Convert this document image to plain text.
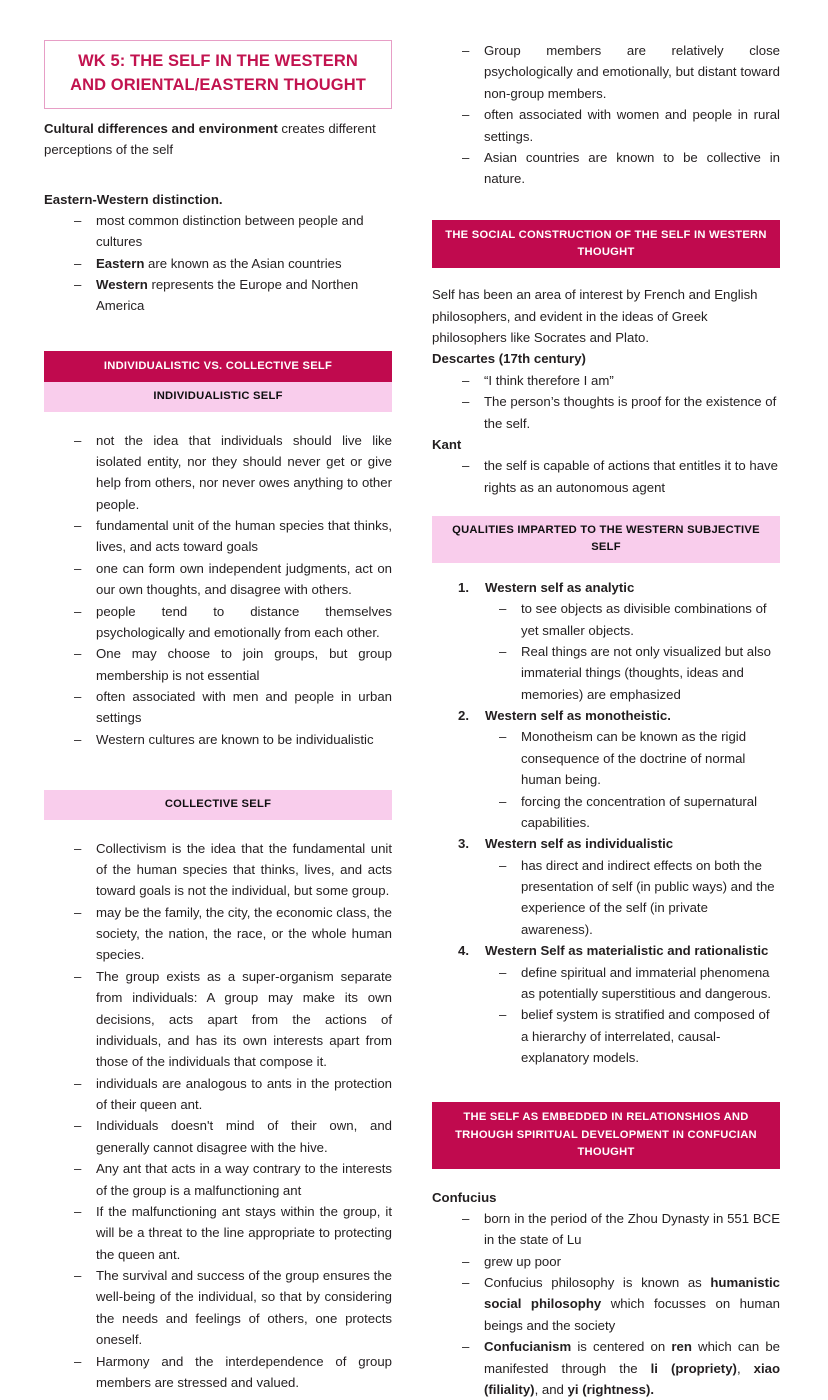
WK 5: THE SELF IN THE WESTERN
AND ORIENTAL/EASTERN THOUGHT

Cultural differences and environment creates different perceptions of the self

Eastern-Western distinction.

– most common distinction between people and cultures
– Eastern are known as the Asian countries
– Western represents the Europe and Northen America
INDIVIDUALISTIC VS. COLLECTIVE SELF
INDIVIDUALISTIC SELF
– not the idea that individuals should live like isolated entity, nor they should never get or give help from others, nor never owes anything to other people.
– fundamental unit of the human species that thinks, lives, and acts toward goals
– one can form own independent judgments, act on our own thoughts, and disagree with others.
– people tend to distance themselves psychologically and emotionally from each other.
– One may choose to join groups, but group membership is not essential
– often associated with men and people in urban settings
– Western cultures are known to be individualistic
COLLECTIVE SELF
– Collectivism is the idea that the fundamental unit of the human species that thinks, lives, and acts toward goals is not the individual, but some group.
– may be the family, the city, the economic class, the society, the nation, the race, or the whole human species.
– The group exists as a super-organism separate from individuals: A group may make its own decisions, acts apart from the actions of individuals, and has its own interests apart from those of the individuals that compose it.
– individuals are analogous to ants in the protection of their queen ant.
– Individuals doesn't mind of their own, and generally cannot disagree with the hive.
– Any ant that acts in a way contrary to the interests of the group is a malfunctioning ant
– If the malfunctioning ant stays within the group, it will be a threat to the line appropriate to protecting the queen ant.
– The survival and success of the group ensures the well-being of the individual, so that by considering the needs and feelings of others, one protects oneself.
– Harmony and the interdependence of group members are stressed and valued.
– Group members are relatively close psychologically and emotionally, but distant toward non-group members.
– often associated with women and people in rural settings.
– Asian countries are known to be collective in nature.
THE SOCIAL CONSTRUCTION OF THE SELF IN WESTERN THOUGHT

Self has been an area of interest by French and English philosophers, and evident in the ideas of Greek philosophers like Socrates and Plato.

Descartes (17th century)

– “I think therefore I am”
– The person’s thoughts is proof for the existence of the self.

Kant

– the self is capable of actions that entitles it to have rights as an autonomous agent
QUALITIES IMPARTED TO THE WESTERN SUBJECTIVE SELF
Western self as analytic
– to see objects as divisible combinations of yet smaller objects.
– Real things are not only visualized but also immaterial things (thoughts, ideas and memories) are emphasized
Western self as monotheistic.
– Monotheism can be known as the rigid consequence of the doctrine of normal human being.
– forcing the concentration of supernatural capabilities.
Western self as individualistic
– has direct and indirect effects on both the presentation of self (in public ways) and the experience of the self (in private awareness).
Western Self as materialistic and rationalistic
– define spiritual and immaterial phenomena as potentially superstitious and dangerous.
– belief system is stratified and composed of a hierarchy of interrelated, causal-explanatory models.
THE SELF AS EMBEDDED IN RELATIONSHIOS AND
TRHOUGH SPIRITUAL DEVELOPMENT IN CONFUCIAN
THOUGHT

Confucius

– born in the period of the Zhou Dynasty in 551 BCE in the state of Lu
– grew up poor
– Confucius philosophy is known as humanistic social philosophy which focusses on human beings and the society
– Confucianism is centered on ren which can be manifested through the li (propriety), xiao (filiality), and yi (rightness).
